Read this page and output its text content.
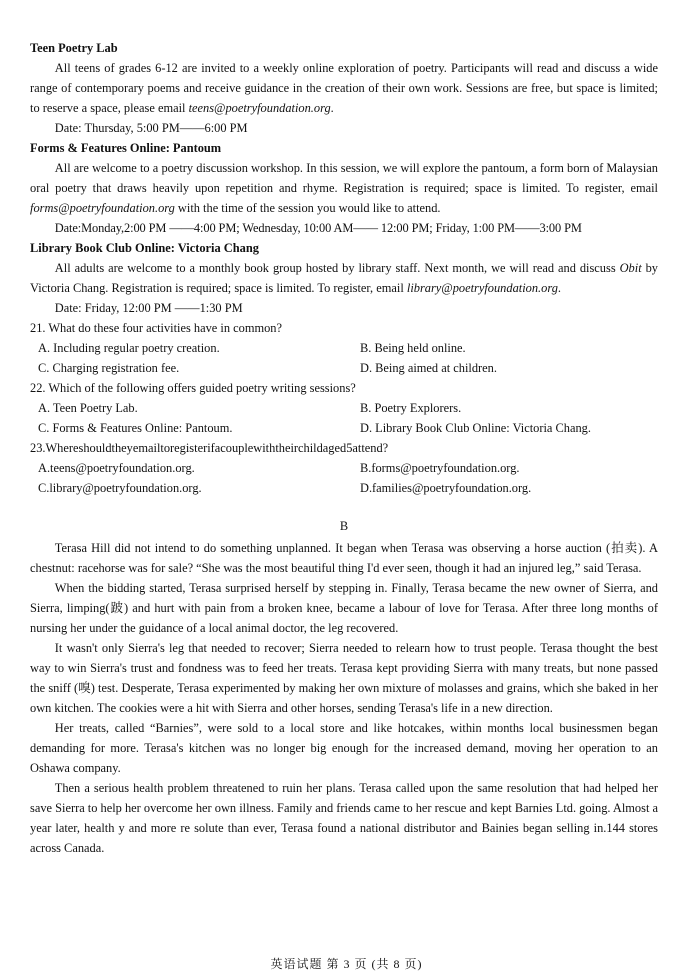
Teen Poetry Lab
All teens of grades 6-12 are invited to a weekly online exploration of poetry. Participants will read and discuss a wide range of contemporary poems and receive guidance in the creation of their own work. Sessions are free, but space is limited; to reserve a space, please email teens@poetryfoundation.org.
Date: Thursday, 5:00 PM——6:00 PM
Forms & Features Online: Pantoum
All are welcome to a poetry discussion workshop. In this session, we will explore the pantoum, a form born of Malaysian oral poetry that draws heavily upon repetition and rhyme. Registration is required; space is limited. To register, email forms@poetryfoundation.org with the time of the session you would like to attend.
Date:Monday,2:00 PM ——4:00 PM; Wednesday, 10:00 AM—— 12:00 PM; Friday, 1:00 PM——3:00 PM
Library Book Club Online: Victoria Chang
All adults are welcome to a monthly book group hosted by library staff. Next month, we will read and discuss Obit by Victoria Chang. Registration is required; space is limited. To register, email library@poetryfoundation.org.
Date: Friday, 12:00 PM ——1:30 PM
21. What do these four activities have in common?
A. Including regular poetry creation.	B. Being held online.
C. Charging registration fee.	D. Being aimed at children.
22. Which of the following offers guided poetry writing sessions?
A. Teen Poetry Lab.	B. Poetry Explorers.
C. Forms & Features Online: Pantoum.	D. Library Book Club Online: Victoria Chang.
23.Whereshouldtheyemailtoregisterifacouplewiththeirchildaged5attend?
A.teens@poetryfoundation.org.	B.forms@poetryfoundation.org.
C.library@poetryfoundation.org.	D.families@poetryfoundation.org.
B
Terasa Hill did not intend to do something unplanned. It began when Terasa was observing a horse auction (拍卖). A chestnut: racehorse was for sale? “She was the most beautiful thing I'd ever seen, though it had an injured leg,” said Terasa.
When the bidding started, Terasa surprised herself by stepping in. Finally, Terasa became the new owner of Sierra, and Sierra, limping(跛) and hurt with pain from a broken knee, became a labour of love for Terasa. After three long months of nursing her under the guidance of a local animal doctor, the leg recovered.
It wasn't only Sierra's leg that needed to recover; Sierra needed to relearn how to trust people. Terasa thought the best way to win Sierra's trust and fondness was to feed her treats. Terasa kept providing Sierra with many treats, but none passed the sniff (嗅) test. Desperate, Terasa experimented by making her own mixture of molasses and grains, which she baked in her own kitchen. The cookies were a hit with Sierra and other horses, sending Terasa's life in a new direction.
Her treats, called “Barnies”, were sold to a local store and like hotcakes, within months local businessmen began demanding for more. Terasa's kitchen was no longer big enough for the increased demand, moving her operation to an Oshawa company.
Then a serious health problem threatened to ruin her plans. Terasa called upon the same resolution that had helped her save Sierra to help her overcome her own illness. Family and friends came to her rescue and kept Barnies Ltd. going. Almost a year later, health y and more re solute than ever, Terasa found a national distributor and Bainies began selling in.144 stores across Canada.
英语试题 第 3 页 (共 8 页)
